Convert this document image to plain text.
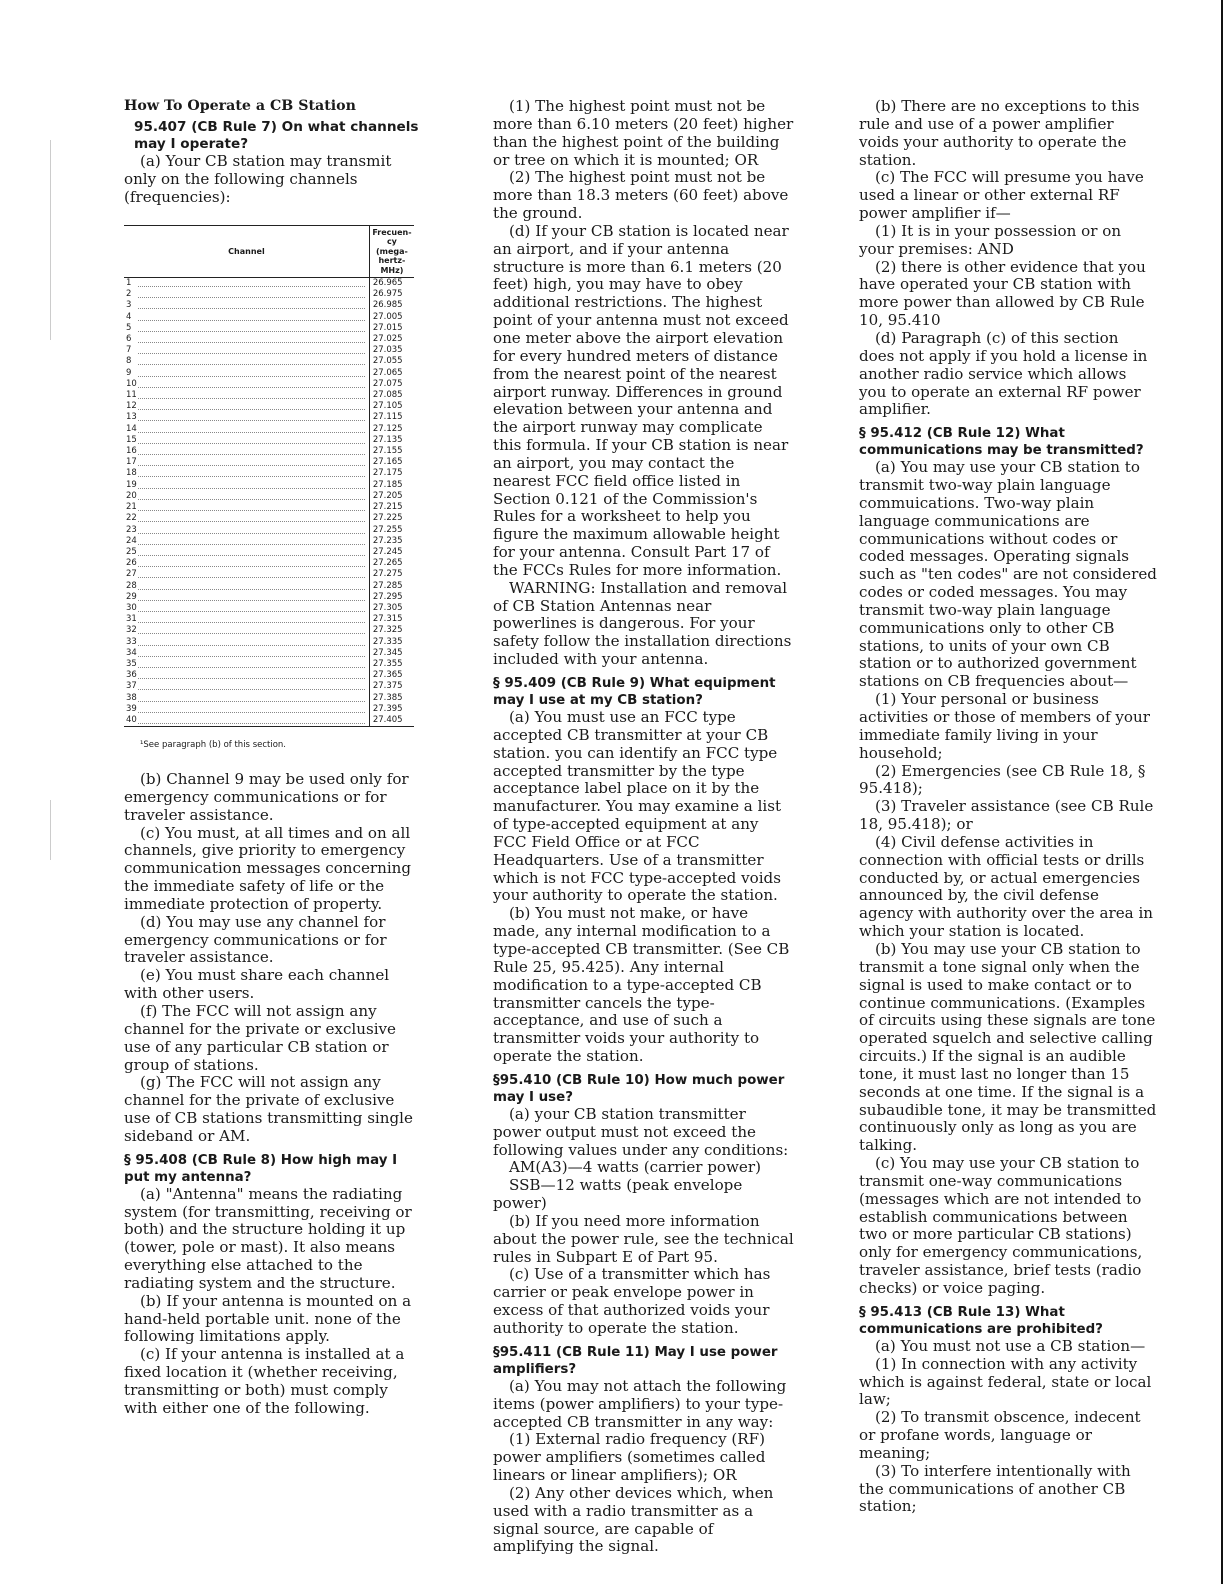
How To Operate a CB Station
95.407 (CB Rule 7) On what channels may I operate?

(a) Your CB station may transmit only on the following channels (frequencies):

Channel	Frecuen-cy (mega-hertz-MHz)
1	26.965
2	26.975
3	26.985
4	27.005
5	27.015
6	27.025
7	27.035
8	27.055
9	27.065
10	27.075
11	27.085
12	27.105
13	27.115
14	27.125
15	27.135
16	27.155
17	27.165
18	27.175
19	27.185
20	27.205
21	27.215
22	27.225
23	27.255
24	27.235
25	27.245
26	27.265
27	27.275
28	27.285
29	27.295
30	27.305
31	27.315
32	27.325
33	27.335
34	27.345
35	27.355
36	27.365
37	27.375
38	27.385
39	27.395
40	27.405
¹See paragraph (b) of this section.

(b) Channel 9 may be used only for emergency communications or for traveler assistance.

(c) You must, at all times and on all channels, give priority to emergency communication messages concerning the immediate safety of life or the immediate protection of property.

(d) You may use any channel for emergency communications or for traveler assistance.

(e) You must share each channel with other users.

(f) The FCC will not assign any channel for the private or exclusive use of any particular CB station or group of stations.

(g) The FCC will not assign any channel for the private of exclusive use of CB stations transmitting single sideband or AM.

§ 95.408 (CB Rule 8) How high may I put my antenna?

(a) "Antenna" means the radiating system (for transmitting, receiving or both) and the structure holding it up (tower, pole or mast). It also means everything else attached to the radiating system and the structure.

(b) If your antenna is mounted on a hand-held portable unit. none of the following limitations apply.

(c) If your antenna is installed at a fixed location it (whether receiving, transmitting or both) must comply with either one of the following.

(1) The highest point must not be more than 6.10 meters (20 feet) higher than the highest point of the building or tree on which it is mounted; OR

(2) The highest point must not be more than 18.3 meters (60 feet) above the ground.

(d) If your CB station is located near an airport, and if your antenna structure is more than 6.1 meters (20 feet) high, you may have to obey additional restrictions. The highest point of your antenna must not exceed one meter above the airport elevation for every hundred meters of distance from the nearest point of the nearest airport runway. Differences in ground elevation between your antenna and the airport runway may complicate this formula. If your CB station is near an airport, you may contact the nearest FCC field office listed in Section 0.121 of the Commission's Rules for a worksheet to help you figure the maximum allowable height for your antenna. Consult Part 17 of the FCCs Rules for more information.

WARNING: Installation and removal of CB Station Antennas near powerlines is dangerous. For your safety follow the installation directions included with your antenna.

§ 95.409 (CB Rule 9) What equipment may I use at my CB station?

(a) You must use an FCC type accepted CB transmitter at your CB station. you can identify an FCC type accepted transmitter by the type acceptance label place on it by the manufacturer. You may examine a list of type-accepted equipment at any FCC Field Office or at FCC Headquarters. Use of a transmitter which is not FCC type-accepted voids your authority to operate the station.

(b) You must not make, or have made, any internal modification to a type-accepted CB transmitter. (See CB Rule 25, 95.425). Any internal modification to a type-accepted CB transmitter cancels the type-acceptance, and use of such a transmitter voids your authority to operate the station.

§95.410 (CB Rule 10) How much power may I use?

(a) your CB station transmitter power output must not exceed the following values under any conditions:

AM(A3)—4 watts (carrier power)

SSB—12 watts (peak envelope power)

(b) If you need more information about the power rule, see the technical rules in Subpart E of Part 95.

(c) Use of a transmitter which has carrier or peak envelope power in excess of that authorized voids your authority to operate the station.

§95.411 (CB Rule 11) May I use power amplifiers?

(a) You may not attach the following items (power amplifiers) to your type-accepted CB transmitter in any way:

(1) External radio frequency (RF) power amplifiers (sometimes called linears or linear amplifiers); OR

(2) Any other devices which, when used with a radio transmitter as a signal source, are capable of amplifying the signal.

(b) There are no exceptions to this rule and use of a power amplifier voids your authority to operate the station.

(c) The FCC will presume you have used a linear or other external RF power amplifier if—

(1) It is in your possession or on your premises: AND

(2) there is other evidence that you have operated your CB station with more power than allowed by CB Rule 10, 95.410

(d) Paragraph (c) of this section does not apply if you hold a license in another radio service which allows you to operate an external RF power amplifier.

§ 95.412 (CB Rule 12) What communications may be transmitted?

(a) You may use your CB station to transmit two-way plain language commuications. Two-way plain language communications are communications without codes or coded messages. Operating signals such as "ten codes" are not considered codes or coded messages. You may transmit two-way plain language communications only to other CB stations, to units of your own CB station or to authorized government stations on CB frequencies about—

(1) Your personal or business activities or those of members of your immediate family living in your household;

(2) Emergencies (see CB Rule 18, § 95.418);

(3) Traveler assistance (see CB Rule 18, 95.418); or

(4) Civil defense activities in connection with official tests or drills conducted by, or actual emergencies announced by, the civil defense agency with authority over the area in which your station is located.

(b) You may use your CB station to transmit a tone signal only when the signal is used to make contact or to continue communications. (Examples of circuits using these signals are tone operated squelch and selective calling circuits.) If the signal is an audible tone, it must last no longer than 15 seconds at one time. If the signal is a subaudible tone, it may be transmitted continuously only as long as you are talking.

(c) You may use your CB station to transmit one-way communications (messages which are not intended to establish communications between two or more particular CB stations) only for emergency communications, traveler assistance, brief tests (radio checks) or voice paging.

§ 95.413 (CB Rule 13) What communications are prohibited?

(a) You must not use a CB station—

(1) In connection with any activity which is against federal, state or local law;

(2) To transmit obscence, indecent or profane words, language or meaning;

(3) To interfere intentionally with the communications of another CB station;
